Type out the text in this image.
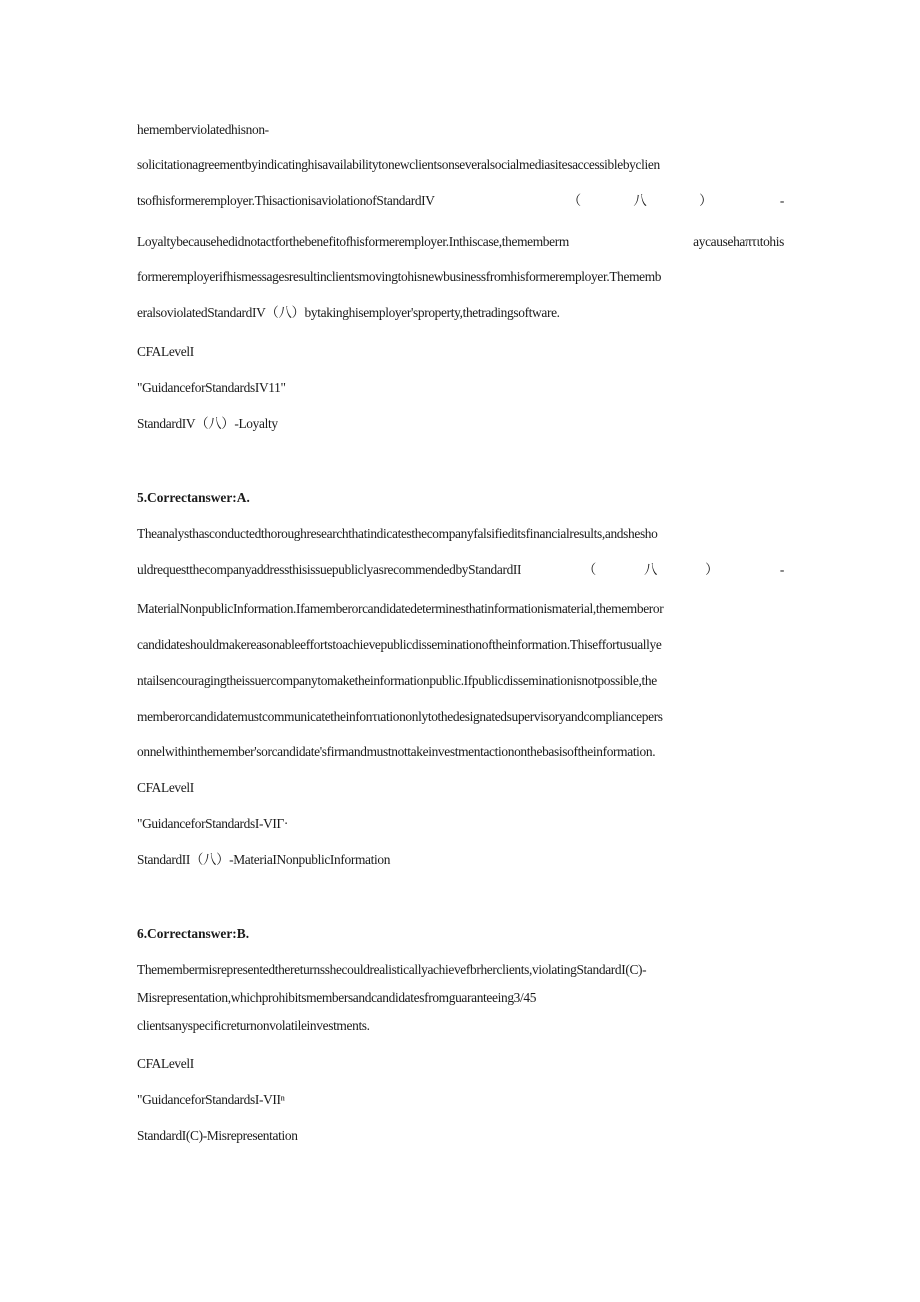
hememberviolatedhisnon-
solicitationagreementbyindicatinghisavailabilitytonewclientsonseveralsocialmediasitesaccessiblebyclien
tsofhisformeremployer.ThisactionisaviolationofStandardIV　　　　　　（　　八　　）　　　-
Loyaltybecausehedidnotactforthebenefitofhisformeremployer.Inthiscase,thememberm aycausehaπτιtohis
formeremployerifhismessagesresultinclientsmovingtohisnewbusinessfromhisformeremployer.Thememb
eralsoviolatedStandardIV（八）bytakinghisemployer'sproperty,thetradingsoftware.
CFALevelI
"GuidanceforStandardsIV11"
StandardIV（八）-Loyalty
5.Correctanswer:A.
Theanalysthasconductedthoroughresearchthatindicatesthecompanyfalsifieditsfinancialresults,andshesho
uldrequestthecompanyaddressthisissuepubliclyasrecommendedbyStandardII　　　（　　八　　）　　　-
MaterialNonpublicInformation.Ifamemberorcandidatedeterminesthatinformationismaterial,thememberor
candidateshouldmakereasonableeffortstoachievepublicdisseminationoftheinformation.Thiseffortusuallye
ntailsencouragingtheissuercompanytomaketheinformationpublic.Ifpublicdisseminationisnotpossible,the
memberorcandidatemustcommunicatetheinfonτιationonlytothedesignatedsupervisoryandcompliancepers
onnelwithinthemember'sorcandidate'sfirmandmustnottakeinvestmentactiononthebasisoftheinformation.
CFALevelI
"GuidanceforStandardsI-VIΓ·
StandardII（八）-MateriaINonpublicInformation
6.Correctanswer:B.
Themembermisrepresentedthereturnsshecouldrealisticallyachievefbrherclients,violatingStandardI(C)-
Misrepresentation,whichprohibitsmembersandcandidatesfromguaranteeing3/45
clientsanyspecificreturnonvolatileinvestments.
CFALevelI
"GuidanceforStandardsI-VIIⁿ
StandardI(C)-Misrepresentation
